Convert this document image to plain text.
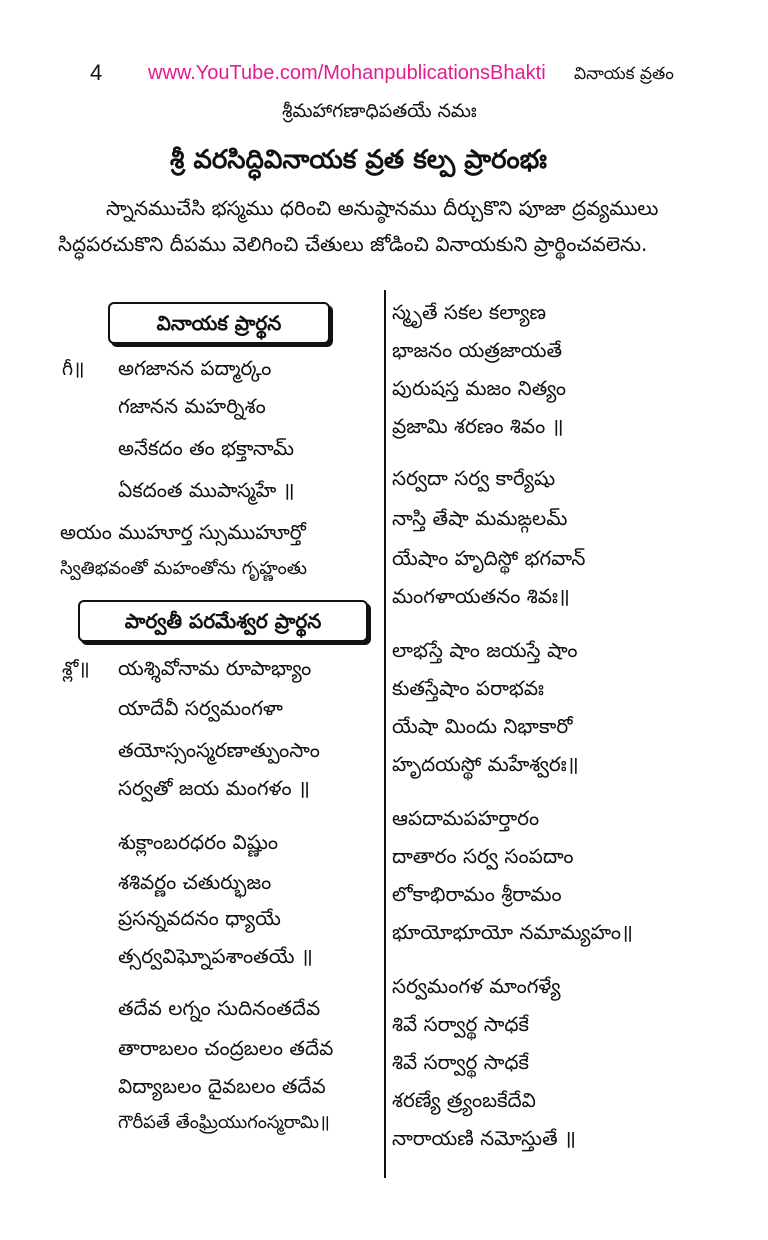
4 www.YouTube.com/MohanpublicationsBhakti వినాయక వ్రతం
శ్రీమహాగణాధిపతయే నమః
శ్రీ వరసిద్ధివినాయక వ్రత కల్ప ప్రారంభః
స్నానముచేసి భస్మము ధరించి అనుష్ఠానము దీర్చుకొని పూజా ద్రవ్యములు సిద్ధపరచుకొని దీపము వెలిగించి చేతులు జోడించి వినాయకుని ప్రార్థించవలెను.
వినాయక ప్రార్థన
గీ॥ అగజానన పద్మార్కం
గజానన మహర్నిశం
అనేకదం తం భక్తానామ్
ఏకదంత ముపాస్మహే ॥
అయం ముహూర్త స్సుముహూర్తో
స్వితిభవంతో మహంతోను గృహ్ణంతు
పార్వతీ పరమేశ్వర ప్రార్థన
శ్లో॥ యశ్శివోనామ రూపాభ్యాం
యాదేవీ సర్వమంగళా
తయోస్సంస్మరణాత్పుంసాం
సర్వతో జయ మంగళం ॥
శుక్లాంబరధరం విష్ణుం
శశివర్ణం చతుర్భుజం
ప్రసన్నవదనం ధ్యాయే
త్సర్వవిఘ్నోపశాంతయే ॥
తదేవ లగ్నం సుదినంతదేవ
తారాబలం చంద్రబలం తదేవ
విద్యాబలం దైవబలం తదేవ
గౌరీపతే తేంఘ్రియుగంస్మరామి॥
స్మృతే సకల కల్యాణ
భాజనం యత్రజాయతే
పురుషస్త మజం నిత్యం
వ్రజామి శరణం శివం ॥
సర్వదా సర్వ కార్యేషు
నాస్తి తేషా మమఙ్గలమ్
యేషాం హృదిస్థో భగవాన్
మంగళాయతనం శివః॥
లాభస్తే షాం జయస్తే షాం
కుతస్తేషాం పరాభవః
యేషా మిందు నిభాకారో
హృదయస్థో మహేశ్వరః॥
ఆపదామపహర్తారం
దాతారం సర్వ సంపదాం
లోకాభిరామం శ్రీరామం
భూయోభూయో నమామ్యహం॥
సర్వమంగళ మాంగళ్యే
శివే సర్వార్థ సాధకే
శివే సర్వార్థ సాధకే
శరణ్యే త్ర్యంబకేదేవి
నారాయణి నమోస్తుతే ॥
